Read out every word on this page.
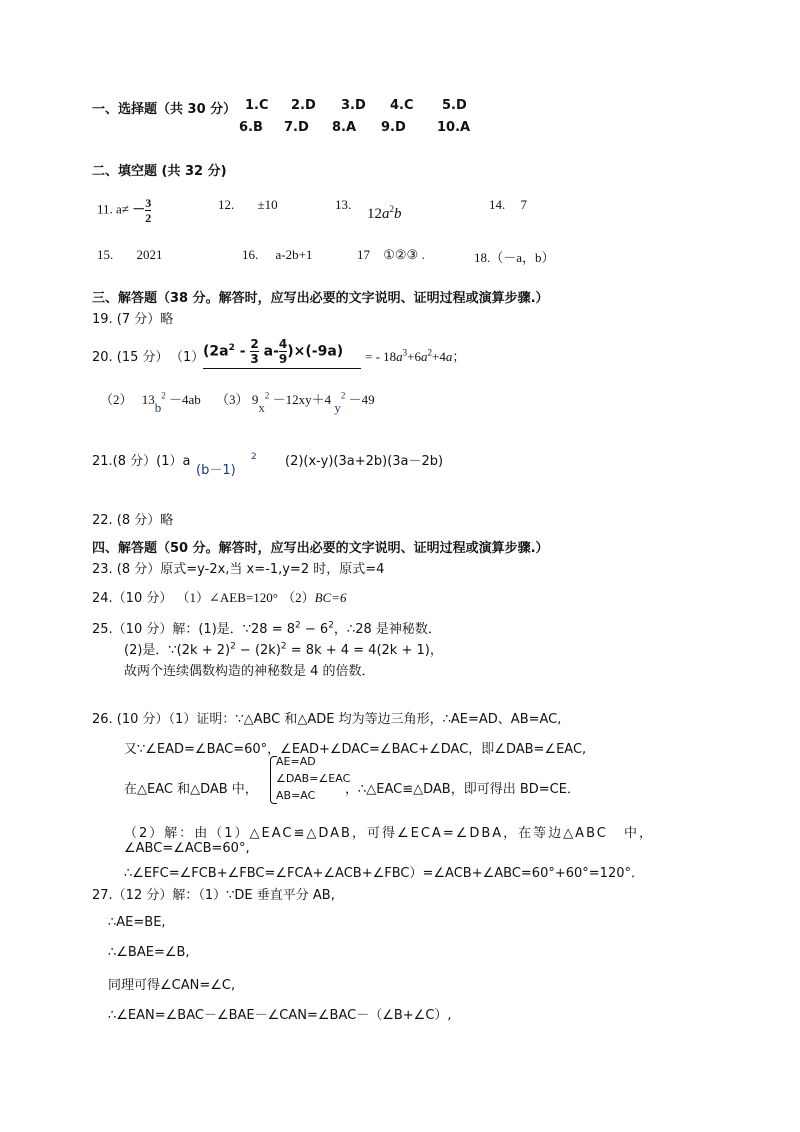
一、选择题（共 30 分） 1.C 2.D 3.D 4.C 5.D
6.B 7.D 8.A 9.D 10.A
二、填空题 (共 32 分)
11. $a\ne - \frac{3}{2}$	12. ±10	13.
$12a^2b$
14. 7
15. 2021	16. a-2b+1	17 ①②③ .	18.（－a，b）
三、解答题（38 分。解答时，应写出必要的文字说明、证明过程或演算步骤.）
19. (7 分）略
20. (15 分） （1）
$(2a^2 - \frac{2}{3} a- \frac{4}{9} )\times(-9a)$ = - $18a^3+6a^2+4a$；
（2） $13b^2 -4ab$ （3） $9x^2 -12xy+4$ $y^2 -49$
21.(8 分）(1）a
(b－1)
2 (2)(x-y)(3a+2b)(3a－2b)
22. (8 分）略
四、解答题（50 分。解答时，应写出必要的文字说明、证明过程或演算步骤.）
23. (8 分）原式=y-2x,当 x=-1,y=2 时，原式=4
24.（10 分） （1）∠AEB=120° （2）BC=6
25.（10 分）解：(1)是．∵28 = $8^2 - 6^2$，∴28 是神秘数．
(2)是．∵(2k + $2)^2 - (2k)^2 = 8k + 4 = 4(2k + 1)$，
故两个连续偶数构造的神秘数是 4 的倍数．
26. (10 分）（1）证明：∵△ABC 和△ADE 均为等边三角形，∴AE=AD、AB=AC,
又∵∠EAD=∠BAC=60°，∠EAD+∠DAC=∠BAC+∠DAC，即∠DAB=∠EAC,
在△EAC 和△DAB 中，
AE=AD
∠DAB=∠EAC
AB=AC ，∴△EAC≌△DAB，即可得出 BD=CE．
（2）解：由（1）△EAC≌△DAB，可得∠ECA=∠DBA，在等边△ABC 中，
∠ABC=∠ACB=60°,
∴∠EFC=∠FCB+∠FBC=∠FCA+∠ACB+∠FBC）=∠ACB+∠ABC=60°+60°=120°．
27.（12 分）解：（1）∵DE 垂直平分 AB,
∴AE=BE,
∴∠BAE=∠B,
同理可得∠CAN=∠C,
∴∠EAN=∠BAC－∠BAE－∠CAN=∠BAC－（∠B+∠C）,
